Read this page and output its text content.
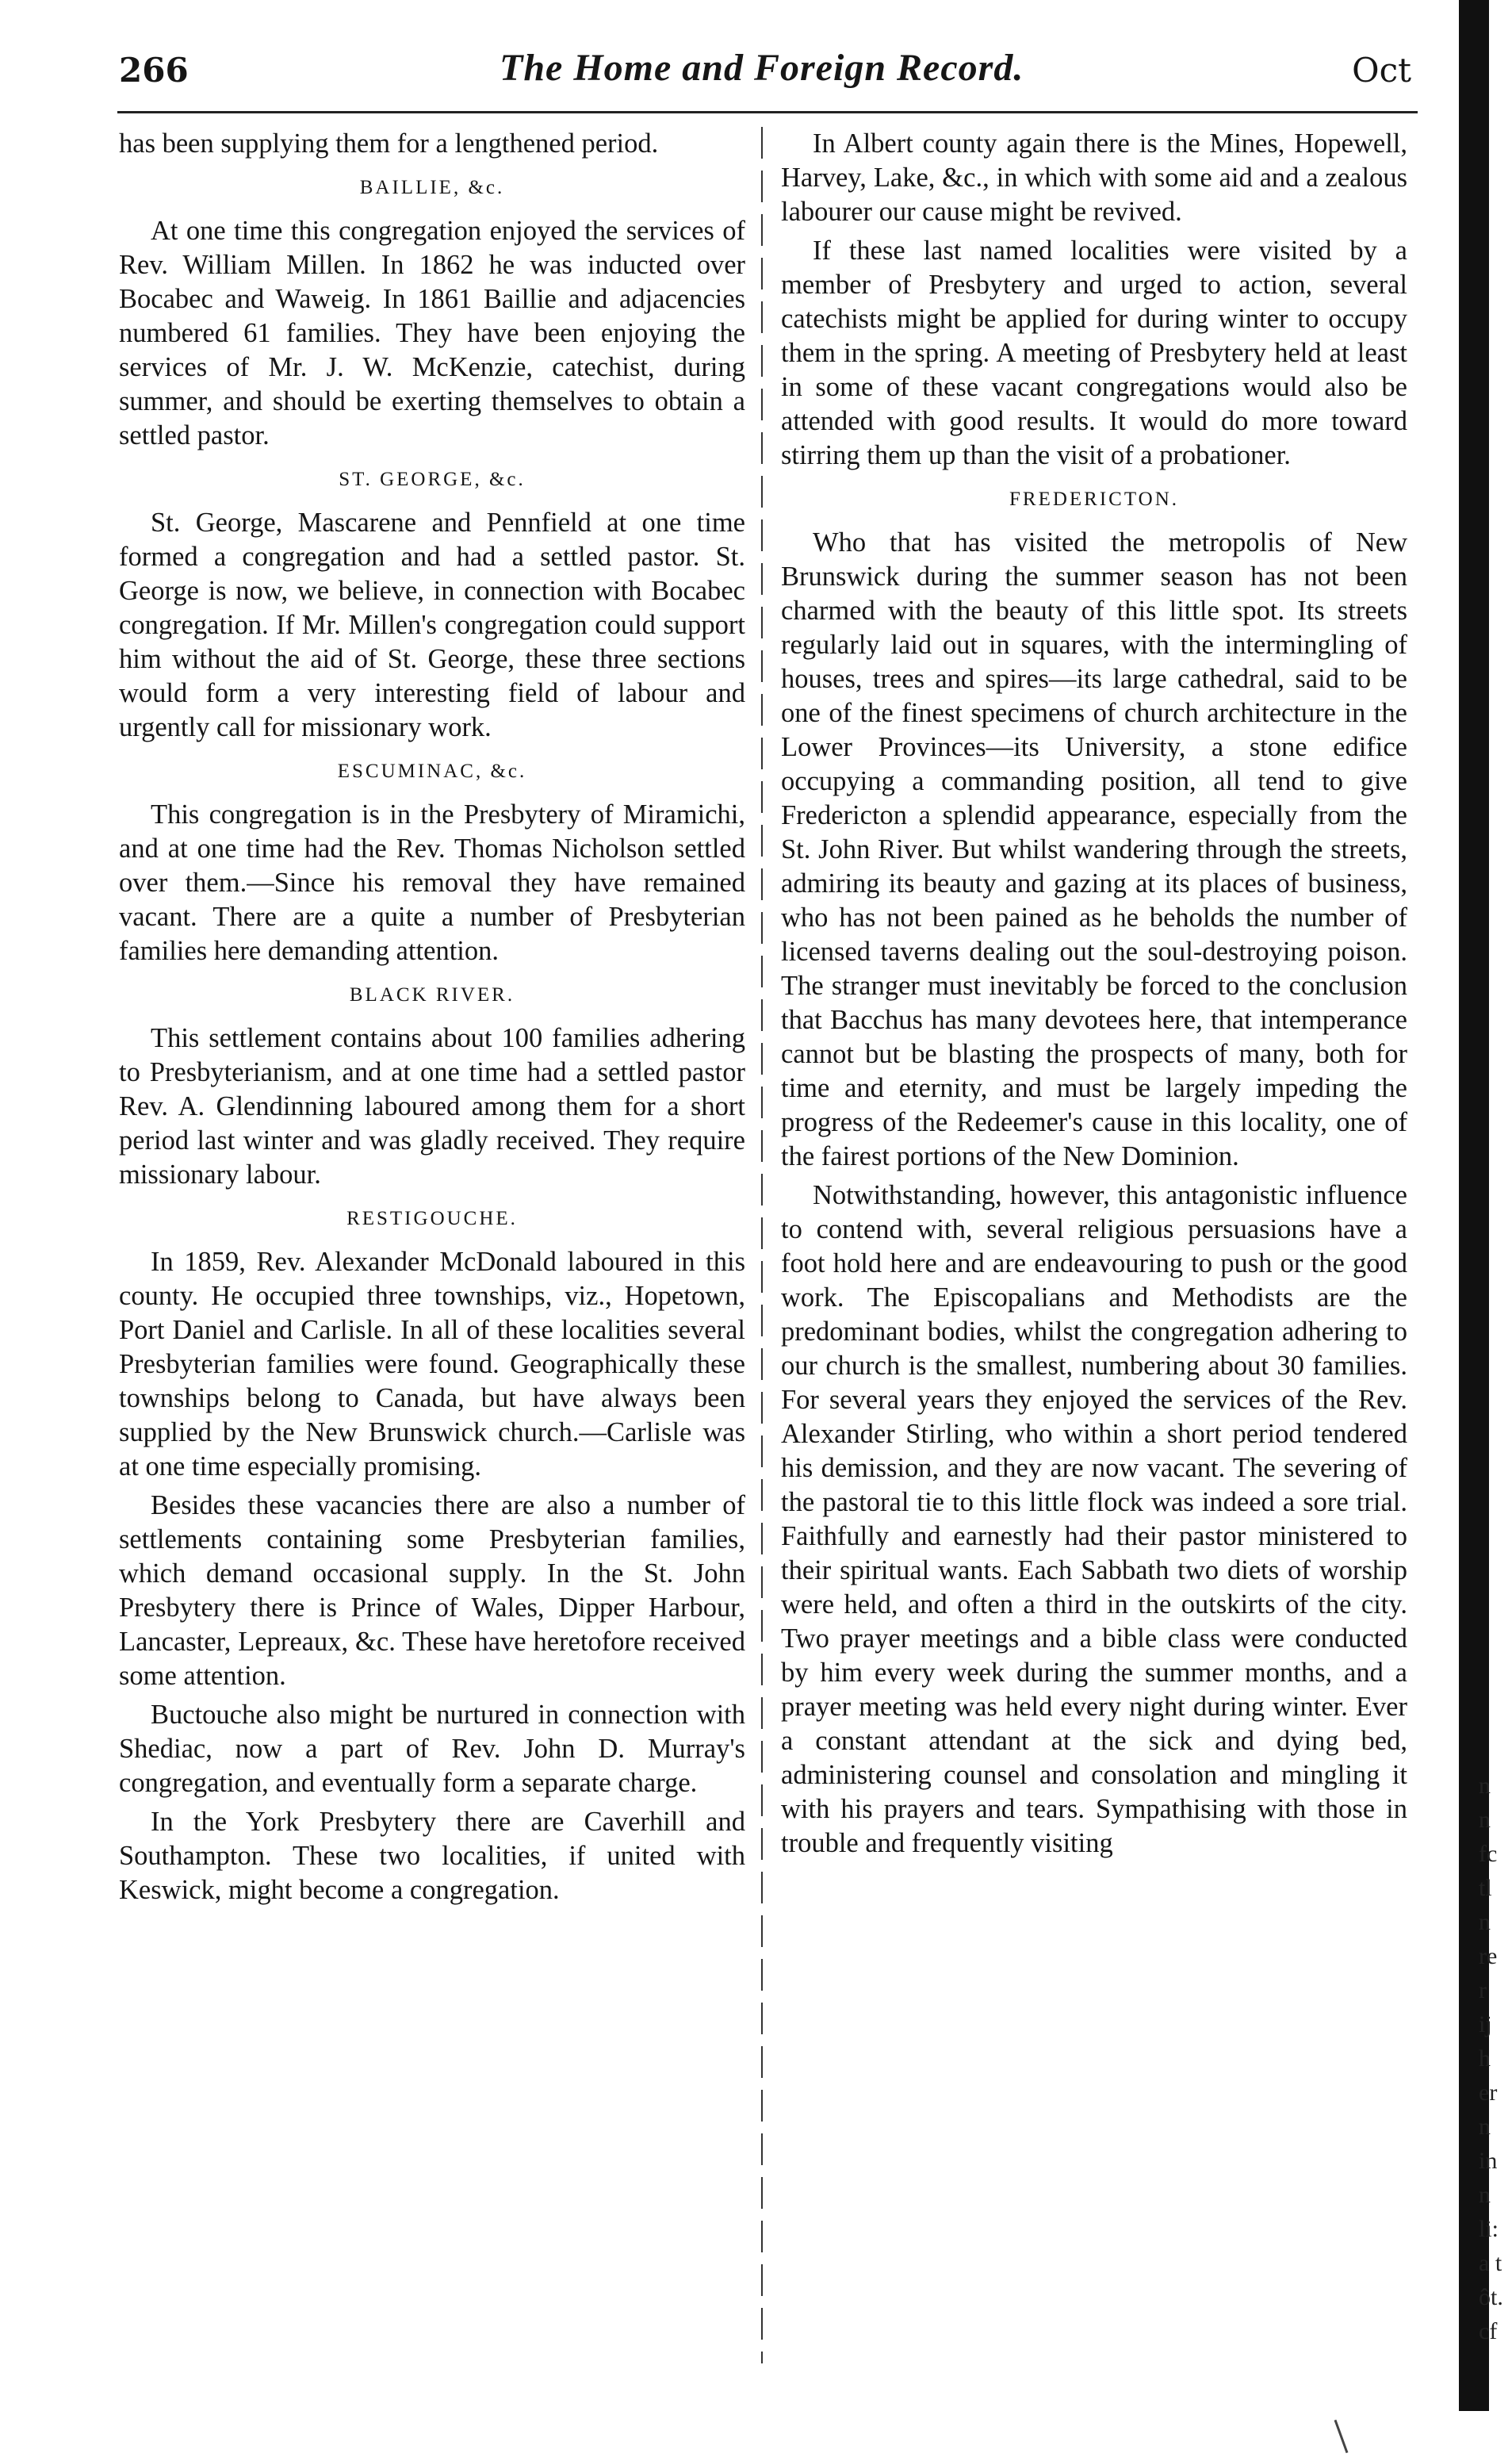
266	The Home and Foreign Record.	Oct

has been supplying them for a lengthened period.

BAILLIE, &c.

At one time this congregation enjoyed the services of Rev. William Millen. In 1862 he was inducted over Bocabec and Waweig. In 1861 Baillie and adjacencies numbered 61 families. They have been enjoying the services of Mr. J. W. McKenzie, catechist, during summer, and should be exerting themselves to obtain a settled pastor.

ST. GEORGE, &c.

St. George, Mascarene and Pennfield at one time formed a congregation and had a settled pastor. St. George is now, we believe, in connection with Bocabec congregation. If Mr. Millen's congregation could support him without the aid of St. George, these three sections would form a very interesting field of labour and urgently call for missionary work.

ESCUMINAC, &c.

This congregation is in the Presbytery of Miramichi, and at one time had the Rev. Thomas Nicholson settled over them.—Since his removal they have remained vacant. There are a quite a number of Presbyterian families here demanding attention.

BLACK RIVER.

This settlement contains about 100 families adhering to Presbyterianism, and at one time had a settled pastor Rev. A. Glendinning laboured among them for a short period last winter and was gladly received. They require missionary labour.

RESTIGOUCHE.

In 1859, Rev. Alexander McDonald laboured in this county. He occupied three townships, viz., Hopetown, Port Daniel and Carlisle. In all of these localities several Presbyterian families were found. Geographically these townships belong to Canada, but have always been supplied by the New Brunswick church.—Carlisle was at one time especially promising.

Besides these vacancies there are also a number of settlements containing some Presbyterian families, which demand occasional supply. In the St. John Presbytery there is Prince of Wales, Dipper Harbour, Lancaster, Lepreaux, &c. These have heretofore received some attention.

Buctouche also might be nurtured in connection with Shediac, now a part of Rev. John D. Murray's congregation, and eventually form a separate charge.

In the York Presbytery there are Caverhill and Southampton. These two localities, if united with Keswick, might become a congregation.

In Albert county again there is the Mines, Hopewell, Harvey, Lake, &c., in which with some aid and a zealous labourer our cause might be revived.

If these last named localities were visited by a member of Presbytery and urged to action, several catechists might be applied for during winter to occupy them in the spring. A meeting of Presbytery held at least in some of these vacant congregations would also be attended with good results. It would do more toward stirring them up than the visit of a probationer.

FREDERICTON.

Who that has visited the metropolis of New Brunswick during the summer season has not been charmed with the beauty of this little spot. Its streets regularly laid out in squares, with the intermingling of houses, trees and spires—its large cathedral, said to be one of the finest specimens of church architecture in the Lower Provinces—its University, a stone edifice occupying a commanding position, all tend to give Fredericton a splendid appearance, especially from the St. John River. But whilst wandering through the streets, admiring its beauty and gazing at its places of business, who has not been pained as he beholds the number of licensed taverns dealing out the soul-destroying poison. The stranger must inevitably be forced to the conclusion that Bacchus has many devotees here, that intemperance cannot but be blasting the prospects of many, both for time and eternity, and must be largely impeding the progress of the Redeemer's cause in this locality, one of the fairest portions of the New Dominion.

Notwithstanding, however, this antagonistic influence to contend with, several religious persuasions have a foot hold here and are endeavouring to push or the good work. The Episcopalians and Methodists are the predominant bodies, whilst the congregation adhering to our church is the smallest, numbering about 30 families. For several years they enjoyed the services of the Rev. Alexander Stirling, who within a short period tendered his demission, and they are now vacant. The severing of the pastoral tie to this little flock was indeed a sore trial. Faithfully and earnestly had their pastor ministered to their spiritual wants. Each Sabbath two diets of worship were held, and often a third in the outskirts of the city. Two prayer meetings and a bible class were conducted by him every week during the summer months, and a prayer meeting was held every night during winter. Ever a constant attendant at the sick and dying bed, administering counsel and consolation and mingling it with his prayers and tears. Sympathising with those in trouble and frequently visiting

n
n
fc
tl
n
re
r
ij
h
er
n
in
n
li:
a t
ôt.
cf
